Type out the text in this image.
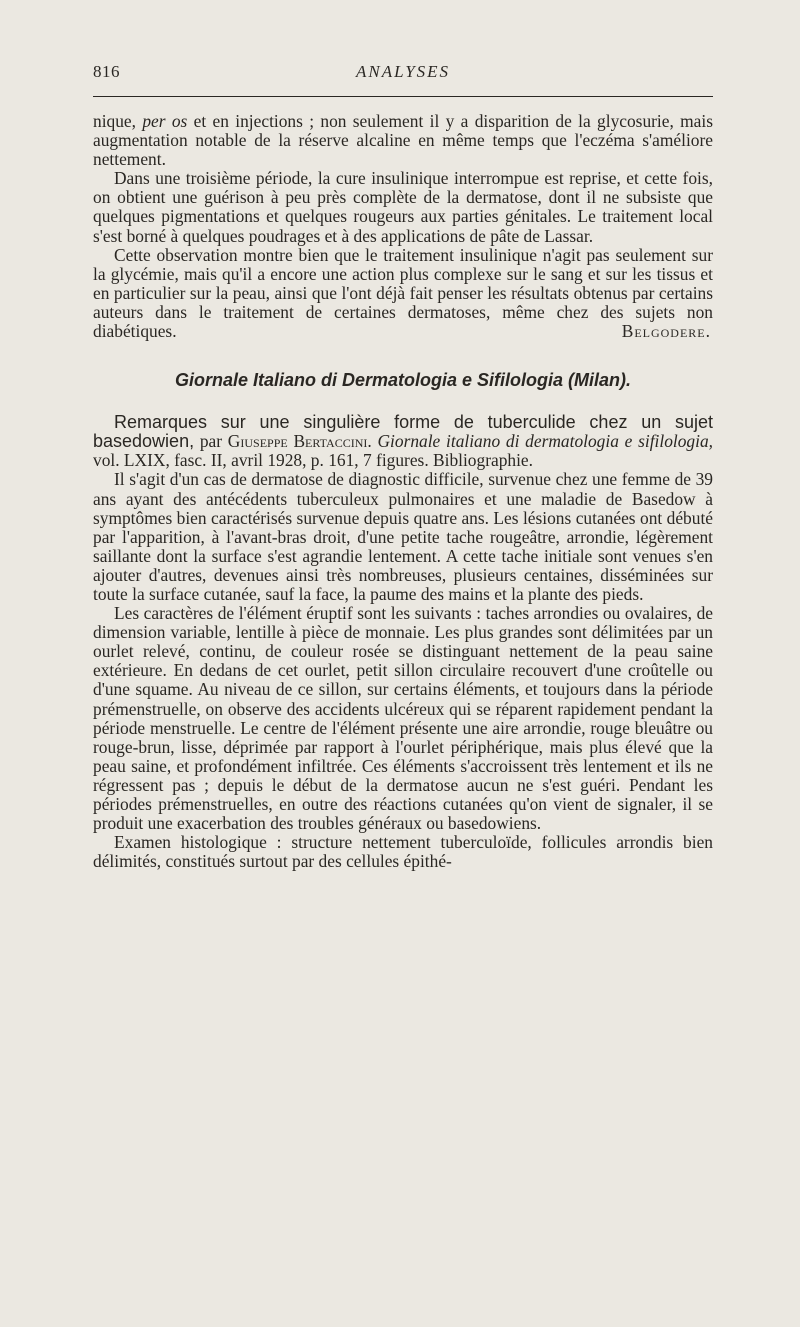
816	ANALYSES

nique, per os et en injections ; non seulement il y a disparition de la glycosurie, mais augmentation notable de la réserve alcaline en même temps que l'eczéma s'améliore nettement.

Dans une troisième période, la cure insulinique interrompue est reprise, et cette fois, on obtient une guérison à peu près complète de la dermatose, dont il ne subsiste que quelques pigmentations et quelques rougeurs aux parties génitales. Le traitement local s'est borné à quelques poudrages et à des applications de pâte de Lassar.

Cette observation montre bien que le traitement insulinique n'agit pas seulement sur la glycémie, mais qu'il a encore une action plus complexe sur le sang et sur les tissus et en particulier sur la peau, ainsi que l'ont déjà fait penser les résultats obtenus par certains auteurs dans le traitement de certaines dermatoses, même chez des sujets non diabétiques.	Belgodere.

Giornale Italiano di Dermatologia e Sifilologia (Milan).

Remarques sur une singulière forme de tuberculide chez un sujet basedowien, par Giuseppe Bertaccini. Giornale italiano di dermatologia e sifilologia, vol. LXIX, fasc. II, avril 1928, p. 161, 7 figures. Bibliographie.

Il s'agit d'un cas de dermatose de diagnostic difficile, survenue chez une femme de 39 ans ayant des antécédents tuberculeux pulmonaires et une maladie de Basedow à symptômes bien caractérisés survenue depuis quatre ans. Les lésions cutanées ont débuté par l'apparition, à l'avant-bras droit, d'une petite tache rougeâtre, arrondie, légèrement saillante dont la surface s'est agrandie lentement. A cette tache initiale sont venues s'en ajouter d'autres, devenues ainsi très nombreuses, plusieurs centaines, disséminées sur toute la surface cutanée, sauf la face, la paume des mains et la plante des pieds.

Les caractères de l'élément éruptif sont les suivants : taches arrondies ou ovalaires, de dimension variable, lentille à pièce de monnaie. Les plus grandes sont délimitées par un ourlet relevé, continu, de couleur rosée se distinguant nettement de la peau saine extérieure. En dedans de cet ourlet, petit sillon circulaire recouvert d'une croûtelle ou d'une squame. Au niveau de ce sillon, sur certains éléments, et toujours dans la période prémenstruelle, on observe des accidents ulcéreux qui se réparent rapidement pendant la période menstruelle. Le centre de l'élément présente une aire arrondie, rouge bleuâtre ou rouge-brun, lisse, déprimée par rapport à l'ourlet périphérique, mais plus élevé que la peau saine, et profondément infiltrée. Ces éléments s'accroissent très lentement et ils ne régressent pas ; depuis le début de la dermatose aucun ne s'est guéri. Pendant les périodes prémenstruelles, en outre des réactions cutanées qu'on vient de signaler, il se produit une exacerbation des troubles généraux ou basedowiens.

Examen histologique : structure nettement tuberculoïde, follicules arrondis bien délimités, constitués surtout par des cellules épithé-
